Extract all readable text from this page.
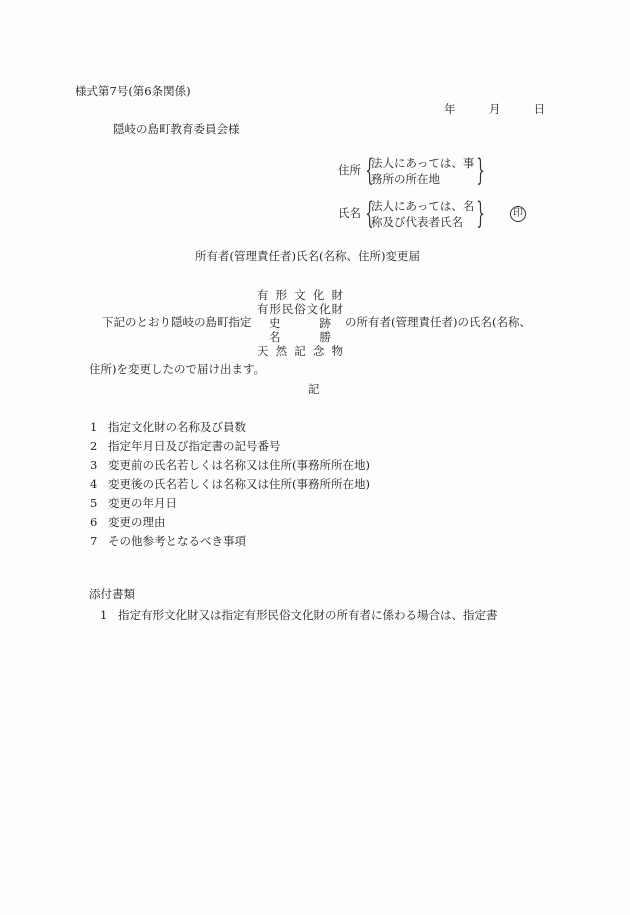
様式第7号(第6条関係)
年	月	日
隠岐の島町教育委員会様
住所 {
法人にあっては、事
務所の所在地	}
氏名 {
法人にあっては、名
称及び代表者氏名 }	印
所有者(管理責任者)氏名(名称、住所)変更届
下記のとおり隠岐の島町指定
有形文化財
有形民俗文化財
史跡
名勝
天然記念物
の所有者(管理責任者)の氏名(名称、
住所)を変更したので届け出ます。
記
1 指定文化財の名称及び員数
2 指定年月日及び指定書の記号番号
3 変更前の氏名若しくは名称又は住所(事務所所在地)
4 変更後の氏名若しくは名称又は住所(事務所所在地)
5 変更の年月日
6 変更の理由
7 その他参考となるべき事項
添付書類
1 指定有形文化財又は指定有形民俗文化財の所有者に係わる場合は、指定書
